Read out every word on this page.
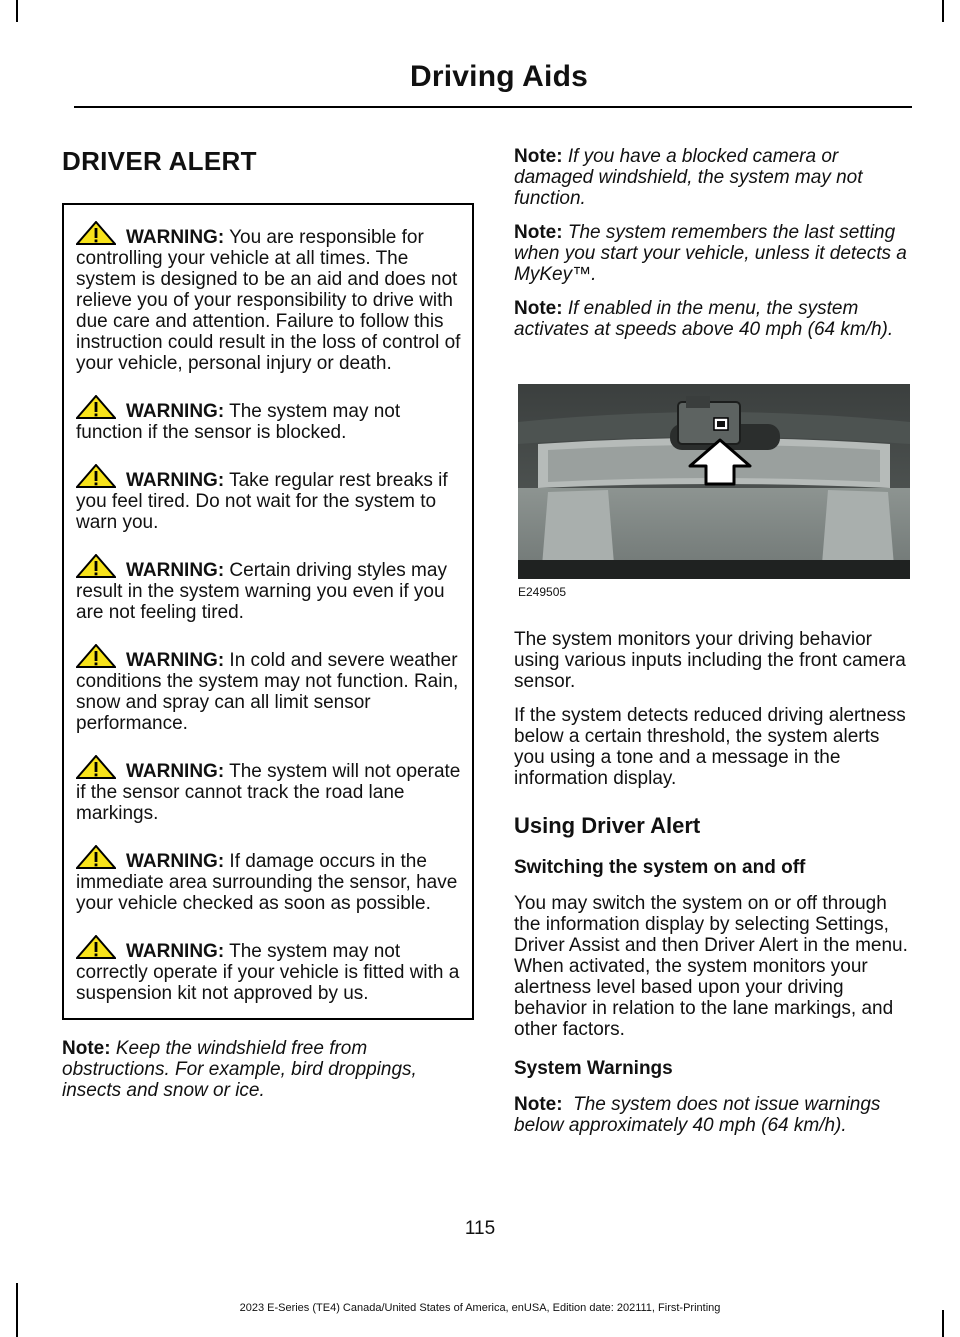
Driving Aids
DRIVER ALERT
WARNING: You are responsible for controlling your vehicle at all times. The system is designed to be an aid and does not relieve you of your responsibility to drive with due care and attention. Failure to follow this instruction could result in the loss of control of your vehicle, personal injury or death.
WARNING: The system may not function if the sensor is blocked.
WARNING: Take regular rest breaks if you feel tired. Do not wait for the system to warn you.
WARNING: Certain driving styles may result in the system warning you even if you are not feeling tired.
WARNING: In cold and severe weather conditions the system may not function. Rain, snow and spray can all limit sensor performance.
WARNING: The system will not operate if the sensor cannot track the road lane markings.
WARNING: If damage occurs in the immediate area surrounding the sensor, have your vehicle checked as soon as possible.
WARNING: The system may not correctly operate if your vehicle is fitted with a suspension kit not approved by us.

Note: Keep the windshield free from obstructions. For example, bird droppings, insects and snow or ice.

Note: If you have a blocked camera or damaged windshield, the system may not function.

Note: The system remembers the last setting when you start your vehicle, unless it detects a MyKey™.

Note: If enabled in the menu, the system activates at speeds above 40 mph (64 km/h).

E249505

The system monitors your driving behavior using various inputs including the front camera sensor.

If the system detects reduced driving alertness below a certain threshold, the system alerts you using a tone and a message in the information display.

Using Driver Alert
Switching the system on and off

You may switch the system on or off through the information display by selecting Settings, Driver Assist and then Driver Alert in the menu. When activated, the system monitors your alertness level based upon your driving behavior in relation to the lane markings, and other factors.

System Warnings

Note:  The system does not issue warnings below approximately 40 mph (64 km/h).

115
2023 E-Series (TE4) Canada/United States of America, enUSA, Edition date: 202111, First-Printing
